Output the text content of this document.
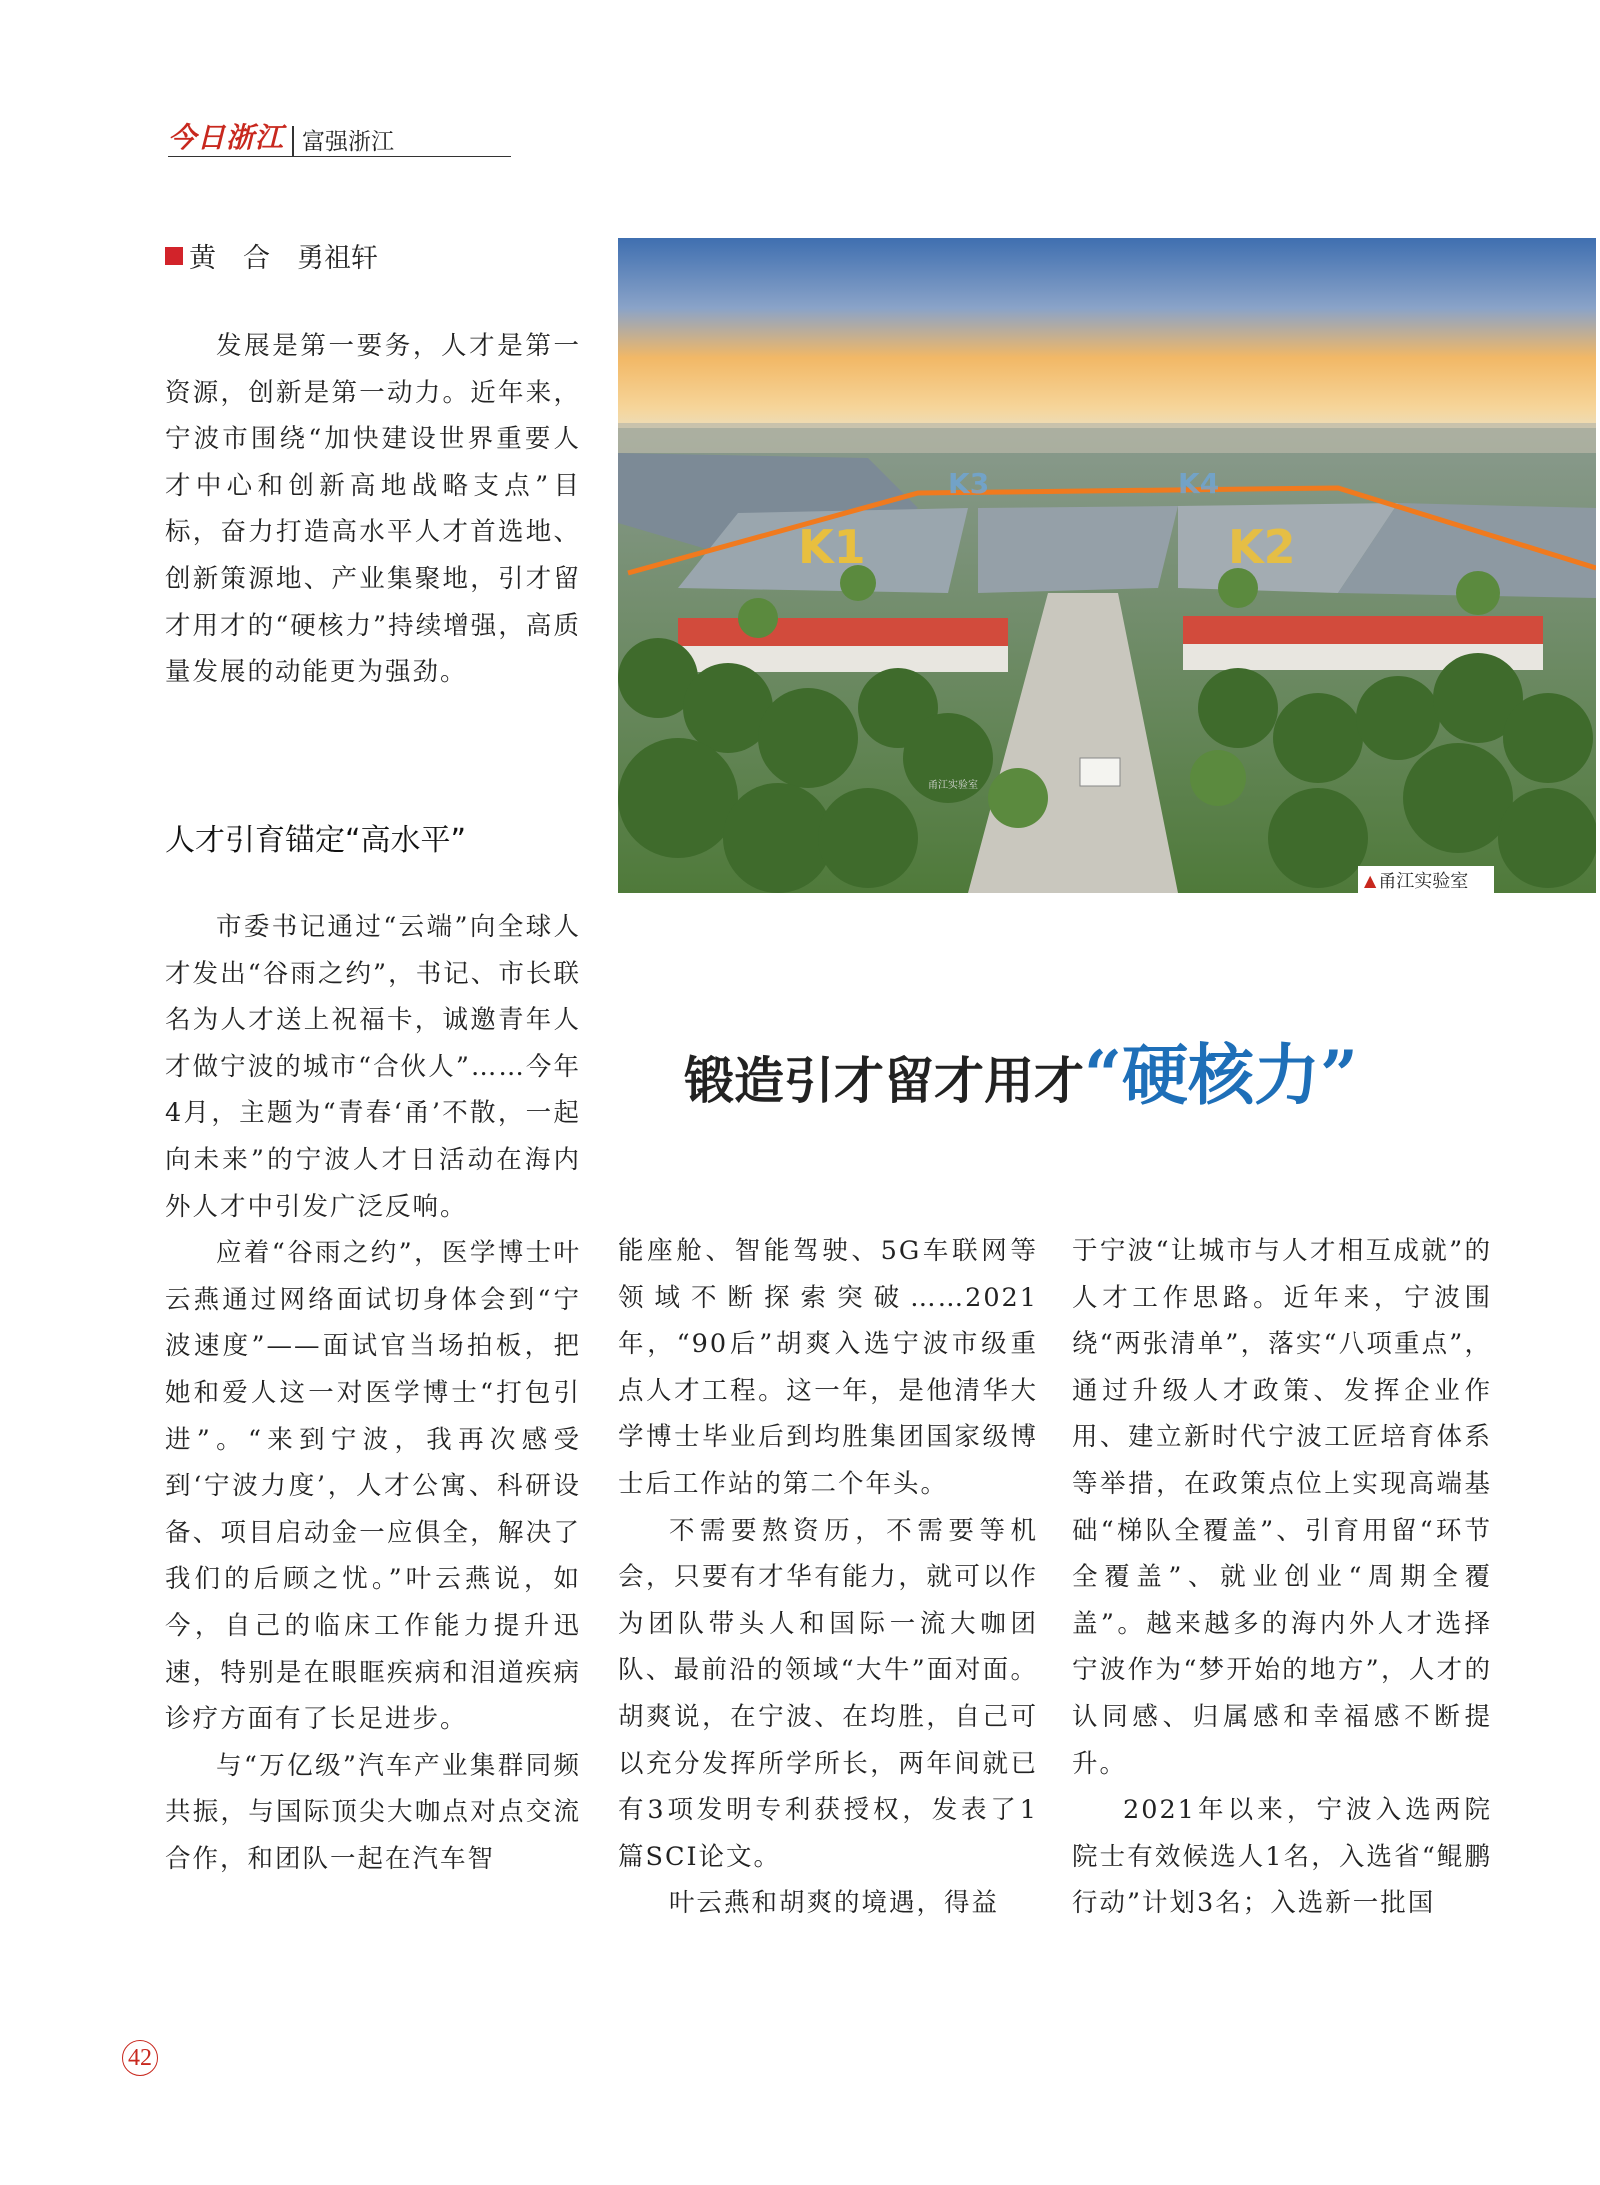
今日浙江 富强浙江
黄　合　勇祖轩

发展是第一要务，人才是第一资源，创新是第一动力。近年来，宁波市围绕“加快建设世界重要人才中心和创新高地战略支点”目标，奋力打造高水平人才首选地、创新策源地、产业集聚地，引才留才用才的“硬核力”持续增强，高质量发展的动能更为强劲。

人才引育锚定“高水平”

市委书记通过“云端”向全球人才发出“谷雨之约”，书记、市长联名为人才送上祝福卡，诚邀青年人才做宁波的城市“合伙人”……今年4月，主题为“青春‘甬’不散，一起向未来”的宁波人才日活动在海内外人才中引发广泛反响。

应着“谷雨之约”，医学博士叶云燕通过网络面试切身体会到“宁波速度”——面试官当场拍板，把她和爱人这一对医学博士“打包引进”。“来到宁波，我再次感受到‘宁波力度’，人才公寓、科研设备、项目启动金一应俱全，解决了我们的后顾之忧。”叶云燕说，如今，自己的临床工作能力提升迅速，特别是在眼眶疾病和泪道疾病诊疗方面有了长足进步。

与“万亿级”汽车产业集群同频共振，与国际顶尖大咖点对点交流合作，和团队一起在汽车智

能座舱、智能驾驶、5G车联网等领域不断探索突破……2021年，“90后”胡爽入选宁波市级重点人才工程。这一年，是他清华大学博士毕业后到均胜集团国家级博士后工作站的第二个年头。

不需要熬资历，不需要等机会，只要有才华有能力，就可以作为团队带头人和国际一流大咖团队、最前沿的领域“大牛”面对面。胡爽说，在宁波、在均胜，自己可以充分发挥所学所长，两年间就已有3项发明专利获授权，发表了1篇SCI论文。

叶云燕和胡爽的境遇，得益

于宁波“让城市与人才相互成就”的人才工作思路。近年来，宁波围绕“两张清单”，落实“八项重点”，通过升级人才政策、发挥企业作用、建立新时代宁波工匠培育体系等举措，在政策点位上实现高端基础“梯队全覆盖”、引育用留“环节全覆盖”、就业创业“周期全覆盖”。越来越多的海内外人才选择宁波作为“梦开始的地方”，人才的认同感、归属感和幸福感不断提升。

2021年以来，宁波入选两院院士有效候选人1名，入选省“鲲鹏行动”计划3名；入选新一批国

K1	K2
K3	K4
甬江实验室
▲ 甬江实验室
锻造引才留才用才“硬核力”
42
